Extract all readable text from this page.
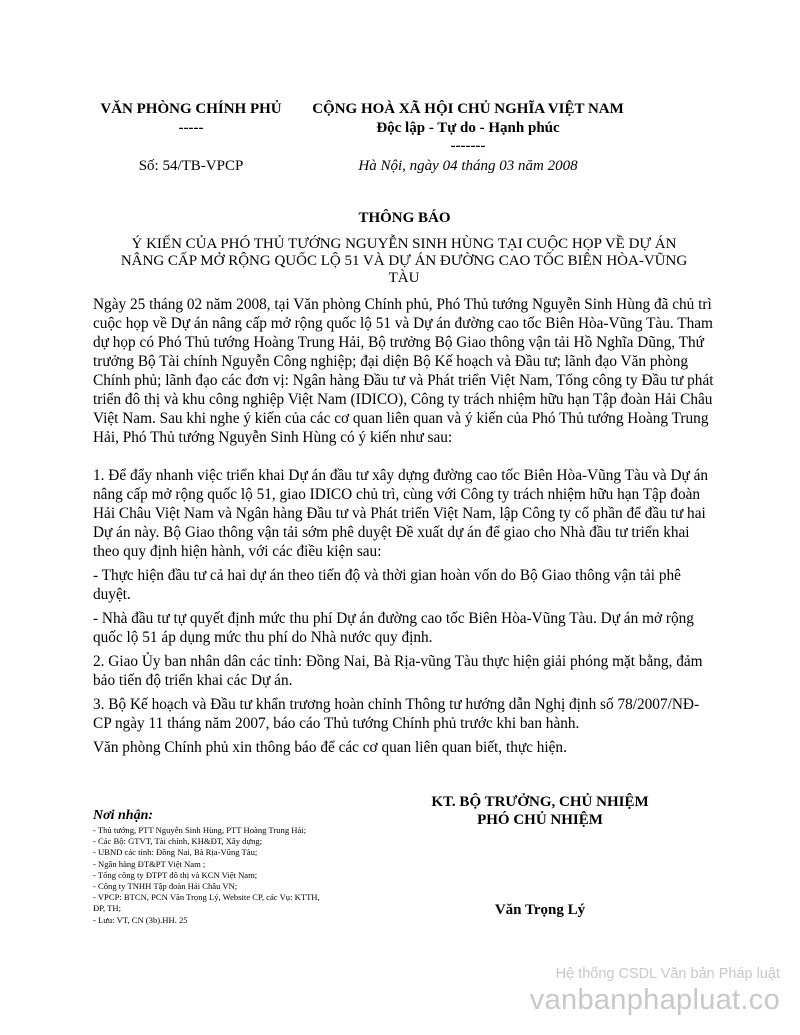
VĂN PHÒNG CHÍNH PHỦ
-----
Số: 54/TB-VPCP
CỘNG HOÀ XÃ HỘI CHỦ NGHĨA VIỆT NAM
Độc lập - Tự do - Hạnh phúc
-------
Hà Nội, ngày 04 tháng 03 năm 2008
THÔNG BÁO
Ý KIẾN CỦA PHÓ THỦ TƯỚNG NGUYỄN SINH HÙNG TẠI CUỘC HỌP VỀ DỰ ÁN
NÂNG CẤP MỞ RỘNG QUỐC LỘ 51 VÀ DỰ ÁN ĐƯỜNG CAO TỐC BIÊN HÒA-VŨNG
TÀU

Ngày 25 tháng 02 năm 2008, tại Văn phòng Chính phủ, Phó Thủ tướng Nguyễn Sinh Hùng đã chủ trì cuộc họp về Dự án nâng cấp mở rộng quốc lộ 51 và Dự án đường cao tốc Biên Hòa-Vũng Tàu. Tham dự họp có Phó Thủ tướng Hoàng Trung Hải, Bộ trưởng Bộ Giao thông vận tải Hồ Nghĩa Dũng, Thứ trưởng Bộ Tài chính Nguyễn Công nghiệp; đại diện Bộ Kế hoạch và Đầu tư; lãnh đạo Văn phòng Chính phủ; lãnh đạo các đơn vị: Ngân hàng Đầu tư và Phát triển Việt Nam, Tổng công ty Đầu tư phát triển đô thị và khu công nghiệp Việt Nam (IDICO), Công ty trách nhiệm hữu hạn Tập đoàn Hải Châu Việt Nam. Sau khi nghe ý kiến của các cơ quan liên quan và ý kiến của Phó Thủ tướng Hoàng Trung Hải, Phó Thủ tướng Nguyễn Sinh Hùng có ý kiến như sau:

1. Để đẩy nhanh việc triển khai Dự án đầu tư xây dựng đường cao tốc Biên Hòa-Vũng Tàu và Dự án nâng cấp mở rộng quốc lộ 51, giao IDICO chủ trì, cùng với Công ty trách nhiệm hữu hạn Tập đoàn Hải Châu Việt Nam và Ngân hàng Đầu tư và Phát triển Việt Nam, lập Công ty cổ phần để đầu tư hai Dự án này. Bộ Giao thông vận tải sớm phê duyệt Đề xuất dự án để giao cho Nhà đầu tư triển khai theo quy định hiện hành, với các điều kiện sau:

- Thực hiện đầu tư cả hai dự án theo tiến độ và thời gian hoàn vốn do Bộ Giao thông vận tải phê duyệt.

- Nhà đầu tư tự quyết định mức thu phí Dự án đường cao tốc Biên Hòa-Vũng Tàu. Dự án mở rộng quốc lộ 51 áp dụng mức thu phí do Nhà nước quy định.

2. Giao Ủy ban nhân dân các tỉnh: Đồng Nai, Bà Rịa-vũng Tàu thực hiện giải phóng mặt bằng, đảm bảo tiến độ triển khai các Dự án.

3. Bộ Kế hoạch và Đầu tư khẩn trương hoàn chỉnh Thông tư hướng dẫn Nghị định số 78/2007/NĐ-CP ngày 11 tháng năm 2007, báo cáo Thủ tướng Chính phủ trước khi ban hành.

Văn phòng Chính phủ xin thông báo để các cơ quan liên quan biết, thực hiện.

Nơi nhận:
- Thủ tướng, PTT Nguyễn Sinh Hùng, PTT Hoàng Trung Hải;
- Các Bộ: GTVT, Tài chính, KH&ĐT, Xây dựng;
- UBND các tỉnh: Đồng Nai, Bà Rịa-Vũng Tàu;
- Ngân hàng ĐT&PT Việt Nam ;
- Tổng công ty ĐTPT đô thị và KCN Việt Nam;
- Công ty TNHH Tập đoàn Hải Châu VN;
- VPCP: BTCN, PCN Văn Trọng Lý, Website CP, các Vụ: KTTH,
ĐP, TH;
- Lưu: VT, CN (3b).HH. 25
KT. BỘ TRƯỞNG, CHỦ NHIỆM
PHÓ CHỦ NHIỆM
Văn Trọng Lý
Hệ thống CSDL Văn bản Pháp luật
vanbanphapluat.co
